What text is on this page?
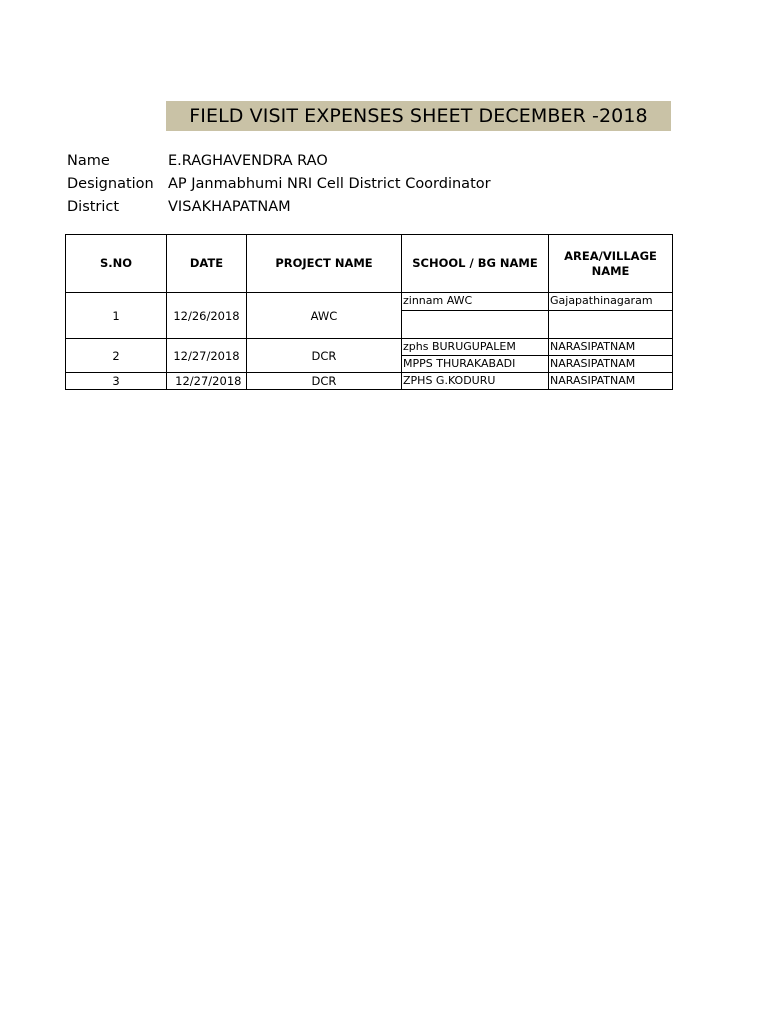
FIELD VISIT EXPENSES SHEET DECEMBER -2018
Name	E.RAGHAVENDRA RAO
Designation AP Janmabhumi NRI Cell District Coordinator
District	VISAKHAPATNAM
S.NO	DATE	PROJECT NAME	SCHOOL / BG NAME	AREA/VILLAGE NAME
1	12/26/2018	AWC	zinnam AWC	Gajapathinagaram

2	12/27/2018	DCR	zphs BURUGUPALEM	NARASIPATNAM
			MPPS THURAKABADI	NARASIPATNAM
3	12/27/2018	DCR	ZPHS G.KODURU	NARASIPATNAM
